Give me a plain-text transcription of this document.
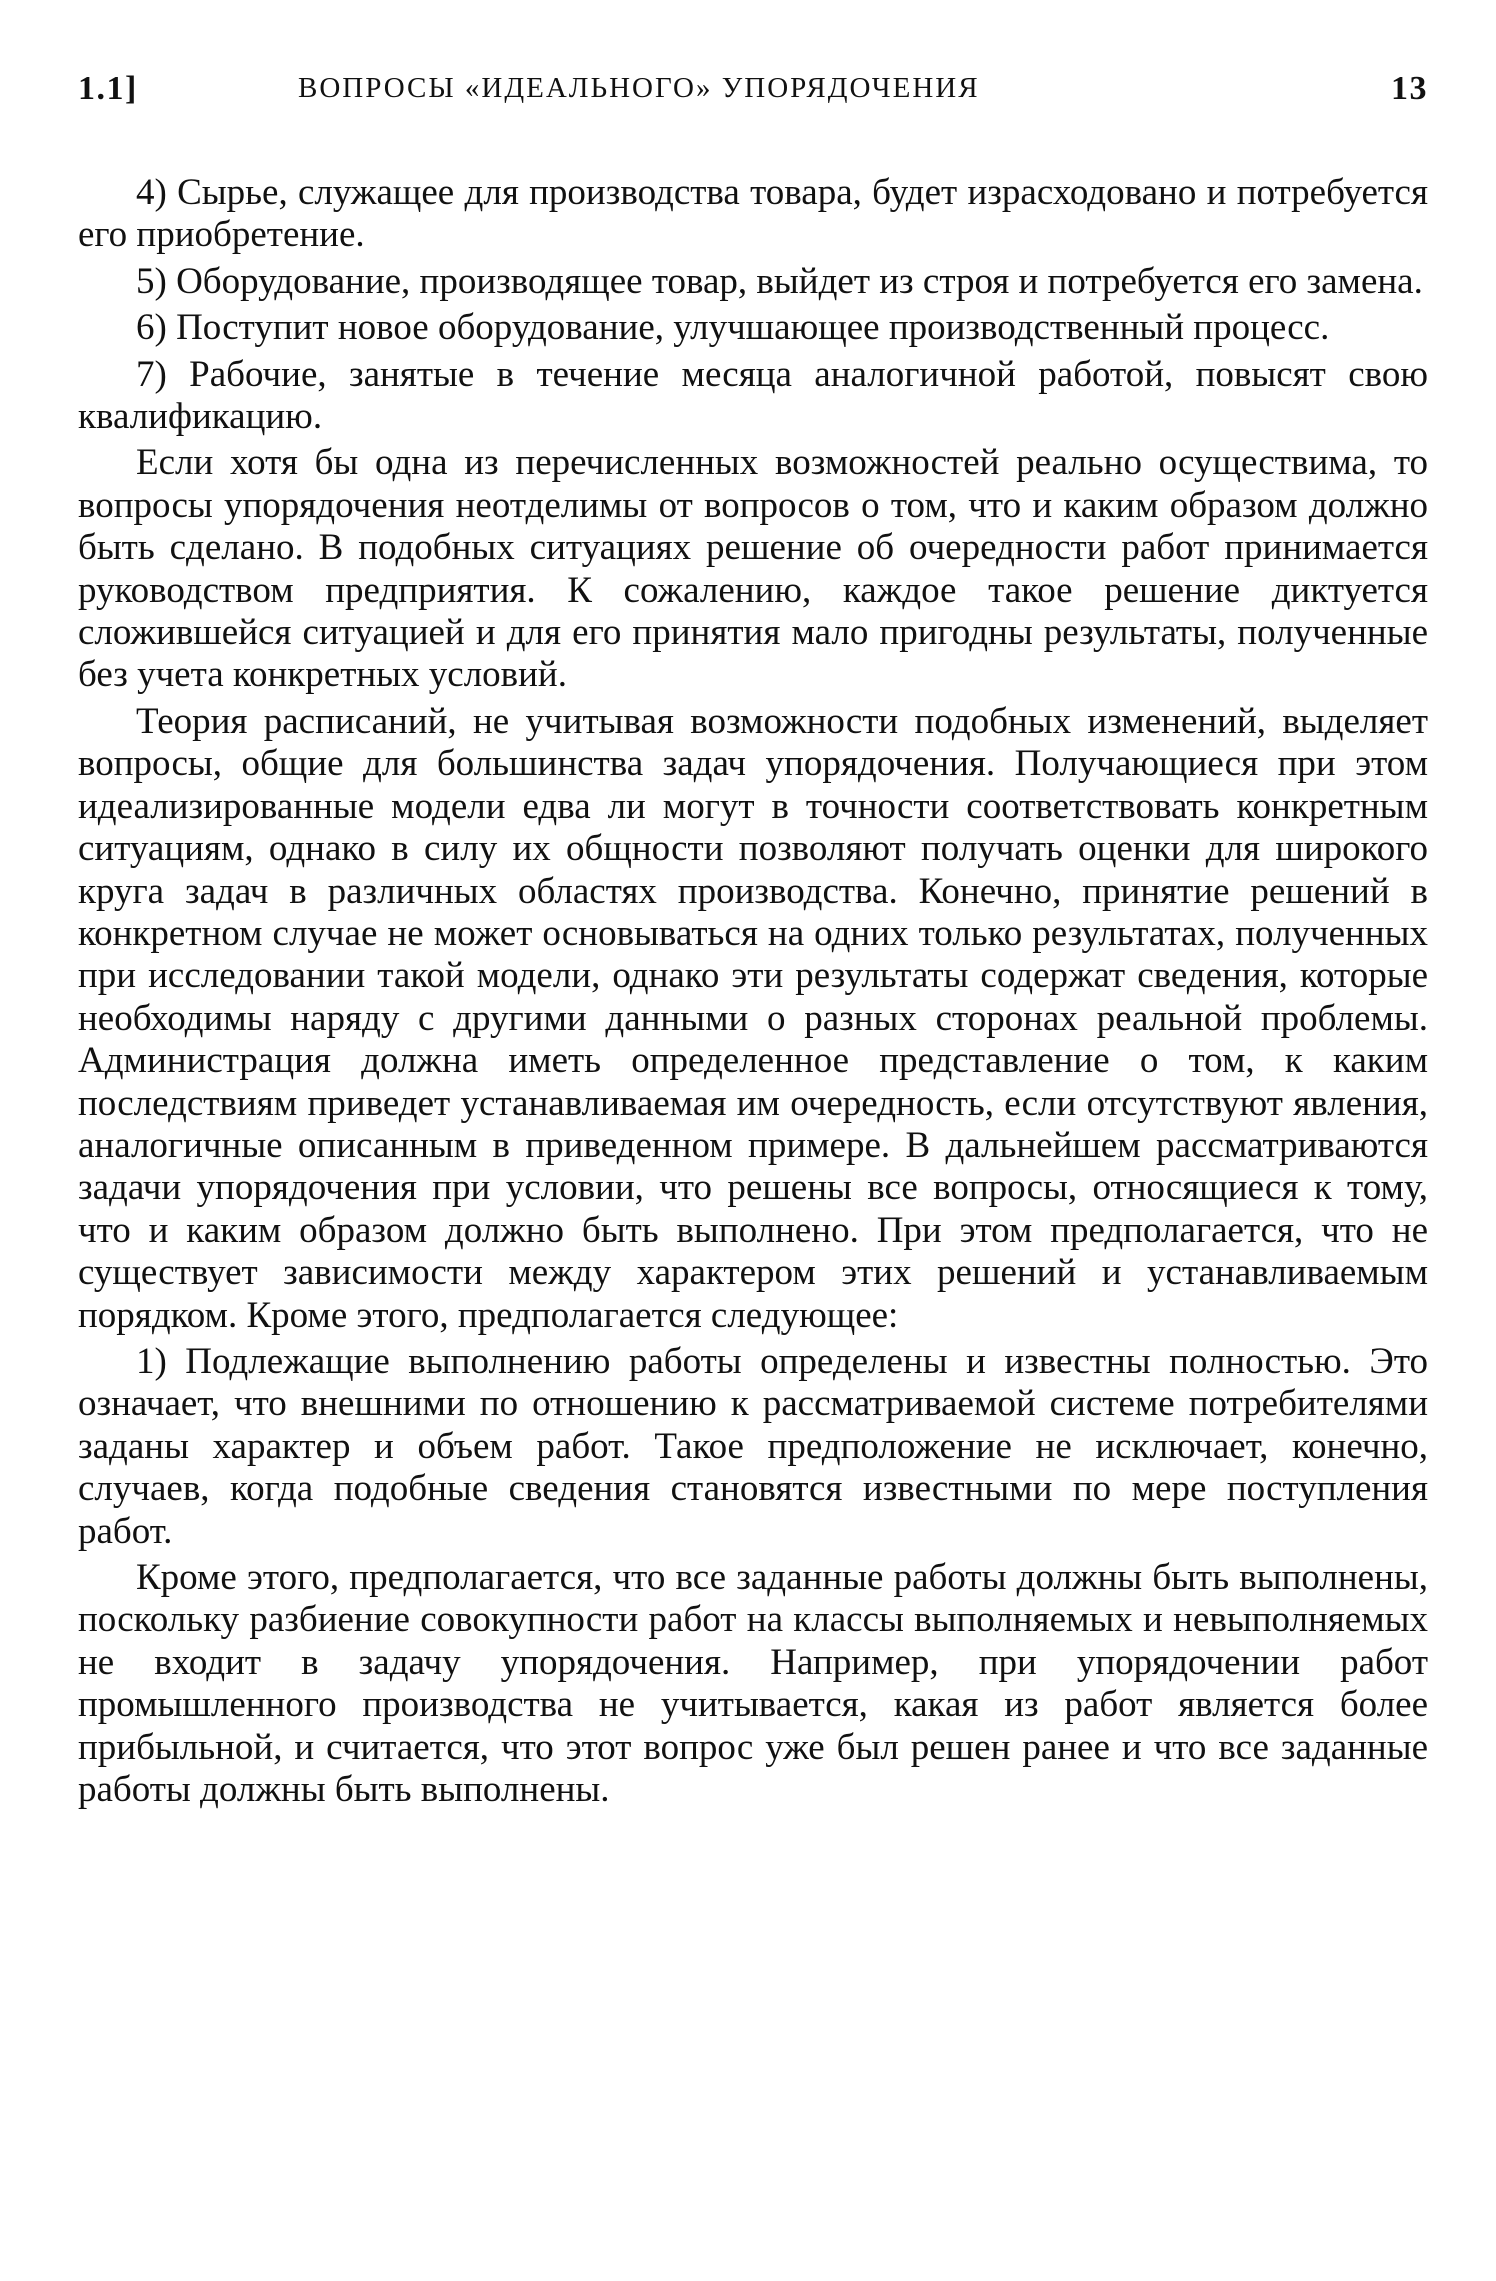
1.1]	ВОПРОСЫ «ИДЕАЛЬНОГО» УПОРЯДОЧЕНИЯ	13

4) Сырье, служащее для производства товара, будет израсходовано и потребуется его приобретение.

5) Оборудование, производящее товар, выйдет из строя и потребуется его замена.

6) Поступит новое оборудование, улучшающее производственный процесс.

7) Рабочие, занятые в течение месяца аналогичной работой, повысят свою квалификацию.

Если хотя бы одна из перечисленных возможностей реально осуществима, то вопросы упорядочения неотделимы от вопросов о том, что и каким образом должно быть сделано. В подобных ситуациях решение об очередности работ принимается руководством предприятия. К сожалению, каждое такое решение диктуется сложившейся ситуацией и для его принятия мало пригодны результаты, полученные без учета конкретных условий.

Теория расписаний, не учитывая возможности подобных изменений, выделяет вопросы, общие для большинства задач упорядочения. Получающиеся при этом идеализированные модели едва ли могут в точности соответствовать конкретным ситуациям, однако в силу их общности позволяют получать оценки для широкого круга задач в различных областях производства. Конечно, принятие решений в конкретном случае не может основываться на одних только результатах, полученных при исследовании такой модели, однако эти результаты содержат сведения, которые необходимы наряду с другими данными о разных сторонах реальной проблемы. Администрация должна иметь определенное представление о том, к каким последствиям приведет устанавливаемая им очередность, если отсутствуют явления, аналогичные описанным в приведенном примере. В дальнейшем рассматриваются задачи упорядочения при условии, что решены все вопросы, относящиеся к тому, что и каким образом должно быть выполнено. При этом предполагается, что не существует зависимости между характером этих решений и устанавливаемым порядком. Кроме этого, предполагается следующее:

1) Подлежащие выполнению работы определены и известны полностью. Это означает, что внешними по отношению к рассматриваемой системе потребителями заданы характер и объем работ. Такое предположение не исключает, конечно, случаев, когда подобные сведения становятся известными по мере поступления работ.

Кроме этого, предполагается, что все заданные работы должны быть выполнены, поскольку разбиение совокупности работ на классы выполняемых и невыполняемых не входит в задачу упорядочения. Например, при упорядочении работ промышленного производства не учитывается, какая из работ является более прибыльной, и считается, что этот вопрос уже был решен ранее и что все заданные работы должны быть выполнены.
